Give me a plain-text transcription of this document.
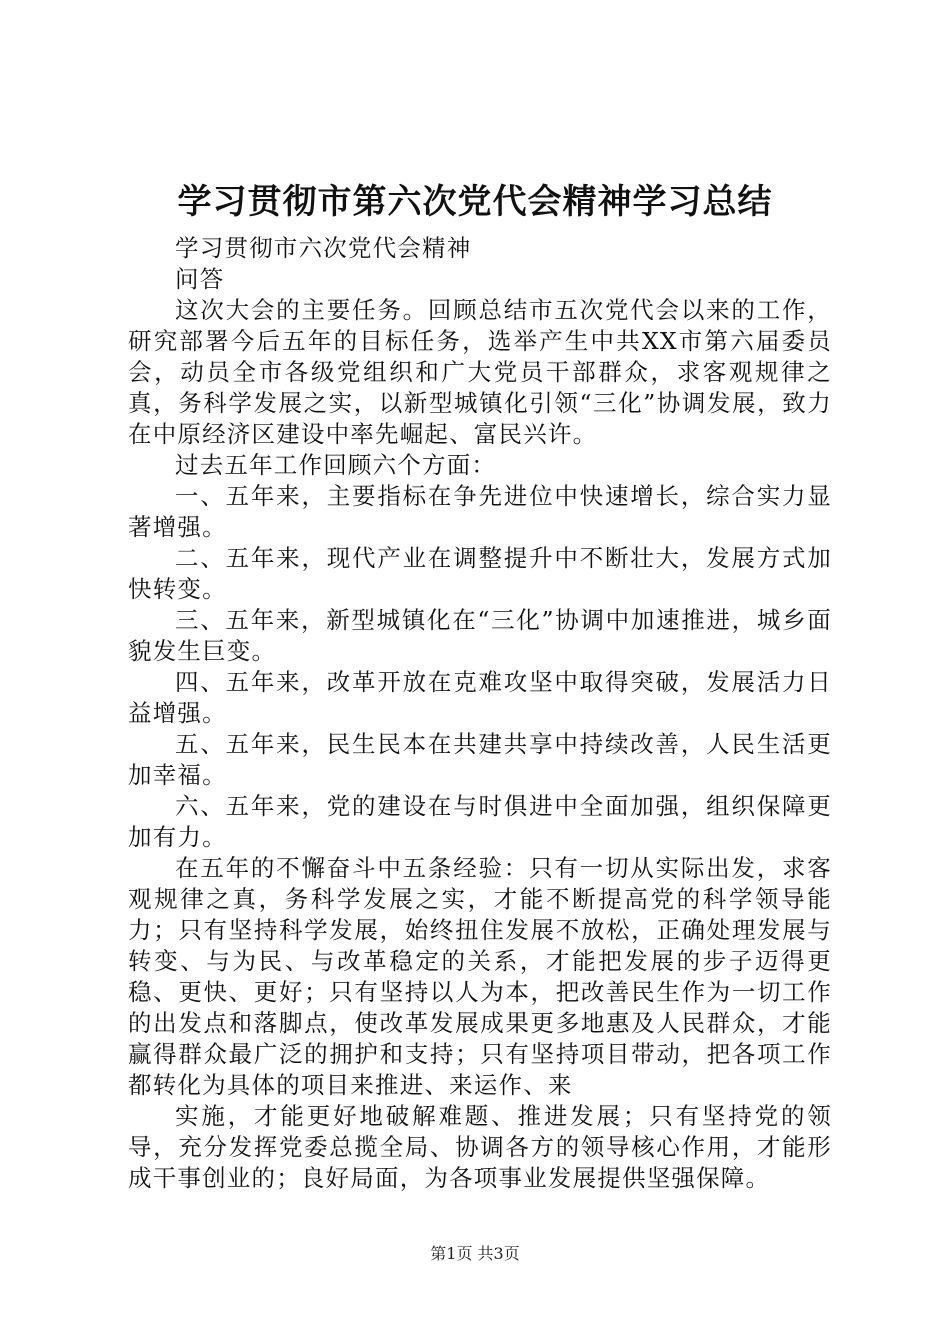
学习贯彻市第六次党代会精神学习总结

学习贯彻市六次党代会精神

问答

这次大会的主要任务。回顾总结市五次党代会以来的工作，研究部署今后五年的目标任务，选举产生中共XX市第六届委员会，动员全市各级党组织和广大党员干部群众，求客观规律之真，务科学发展之实，以新型城镇化引领“三化”协调发展，致力在中原经济区建设中率先崛起、富民兴许。

过去五年工作回顾六个方面：

一、五年来，主要指标在争先进位中快速增长，综合实力显著增强。

二、五年来，现代产业在调整提升中不断壮大，发展方式加快转变。

三、五年来，新型城镇化在“三化”协调中加速推进，城乡面貌发生巨变。

四、五年来，改革开放在克难攻坚中取得突破，发展活力日益增强。

五、五年来，民生民本在共建共享中持续改善，人民生活更加幸福。

六、五年来，党的建设在与时俱进中全面加强，组织保障更加有力。

在五年的不懈奋斗中五条经验：只有一切从实际出发，求客观规律之真，务科学发展之实，才能不断提高党的科学领导能力；只有坚持科学发展，始终扭住发展不放松，正确处理发展与转变、与为民、与改革稳定的关系，才能把发展的步子迈得更稳、更快、更好；只有坚持以人为本，把改善民生作为一切工作的出发点和落脚点，使改革发展成果更多地惠及人民群众，才能赢得群众最广泛的拥护和支持；只有坚持项目带动，把各项工作都转化为具体的项目来推进、来运作、来

实施，才能更好地破解难题、推进发展；只有坚持党的领导，充分发挥党委总揽全局、协调各方的领导核心作用，才能形成干事创业的；良好局面，为各项事业发展提供坚强保障。

第1页 共3页
